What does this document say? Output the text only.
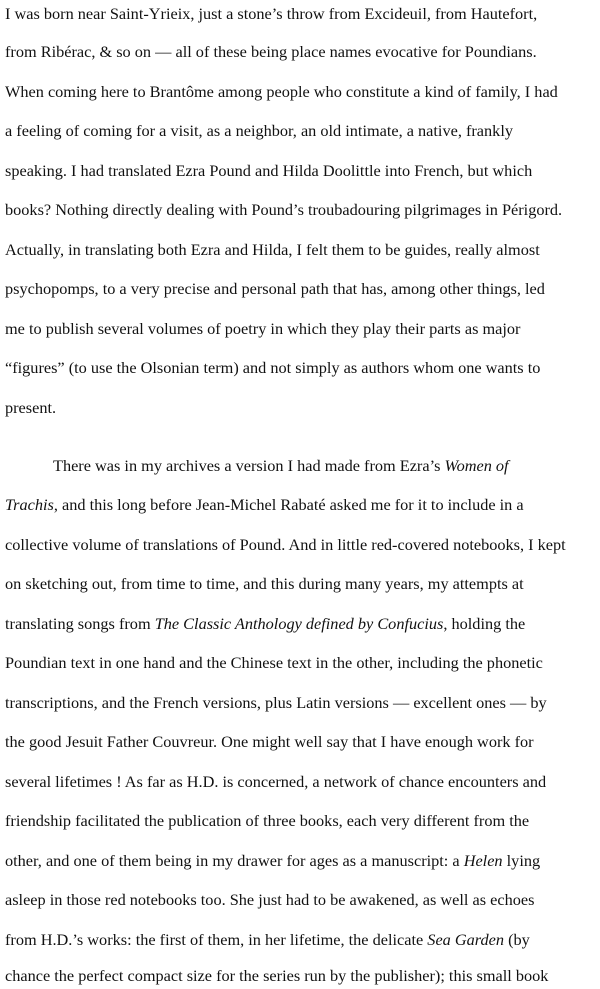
I was born near Saint-Yrieix, just a stone’s throw from Excideuil, from Hautefort,
from Ribérac, & so on — all of these being place names evocative for Poundians.
When coming here to Brantôme among people who constitute a kind of family, I had
a feeling of coming for a visit, as a neighbor, an old intimate, a native, frankly
speaking. I had translated Ezra Pound and Hilda Doolittle into French, but which
books? Nothing directly dealing with Pound’s troubadouring pilgrimages in Périgord.
Actually, in translating both Ezra and Hilda, I felt them to be guides, really almost
psychopomps, to a very precise and personal path that has, among other things, led
me to publish several volumes of poetry in which they play their parts as major
“figures” (to use the Olsonian term) and not simply as authors whom one wants to
present.
There was in my archives a version I had made from Ezra’s Women of
Trachis, and this long before Jean-Michel Rabaté asked me for it to include in a
collective volume of translations of Pound. And in little red-covered notebooks, I kept
on sketching out, from time to time, and this during many years, my attempts at
translating songs from The Classic Anthology defined by Confucius, holding the
Poundian text in one hand and the Chinese text in the other, including the phonetic
transcriptions, and the French versions, plus Latin versions — excellent ones — by
the good Jesuit Father Couvreur. One might well say that I have enough work for
several lifetimes ! As far as H.D. is concerned, a network of chance encounters and
friendship facilitated the publication of three books, each very different from the
other, and one of them being in my drawer for ages as a manuscript: a Helen lying
asleep in those red notebooks too. She just had to be awakened, as well as echoes
from H.D.’s works: the first of them, in her lifetime, the delicate Sea Garden (by
chance the perfect compact size for the series run by the publisher); this small book
